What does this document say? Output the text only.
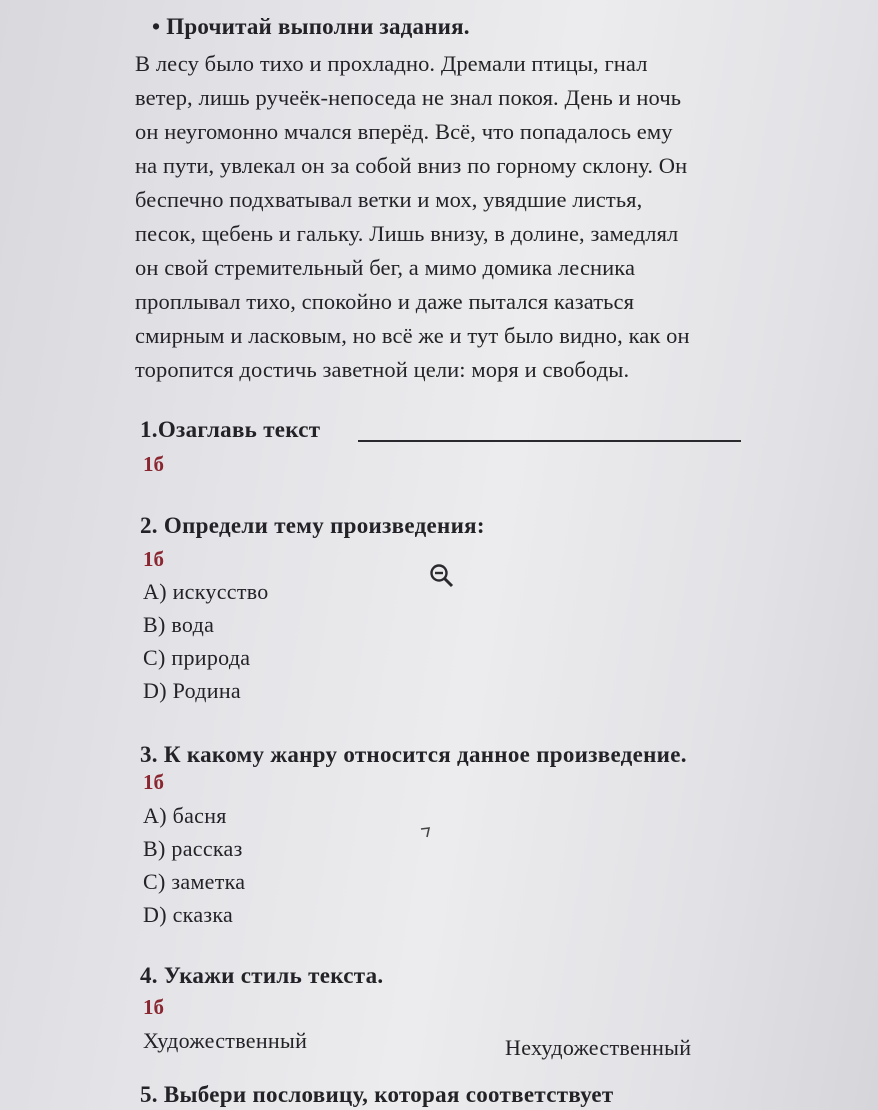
• Прочитай выполни задания.
В лесу было тихо и прохладно. Дремали птицы, гнал
ветер, лишь ручеёк-непоседа не знал покоя. День и ночь
он неугомонно мчался вперёд. Всё, что попадалось ему
на пути, увлекал он за собой вниз по горному склону. Он
беспечно подхватывал ветки и мох, увядшие листья,
песок, щебень и гальку. Лишь внизу, в долине, замедлял
он свой стремительный бег, а мимо домика лесника
проплывал тихо, спокойно и даже пытался казаться
смирным и ласковым, но всё же и тут было видно, как он
торопится достичь заветной цели: моря и свободы.
1.Озаглавь текст
1б
2. Определи тему произведения:
1б
A) искусство
B) вода
C) природа
D) Родина
3. К какому жанру относится данное произведение.
1б
A) басня
B) рассказ
C) заметка
D) сказка
4. Укажи стиль текста.
1б
Художественный	Нехудожественный
5. Выбери пословицу, которая соответствует
